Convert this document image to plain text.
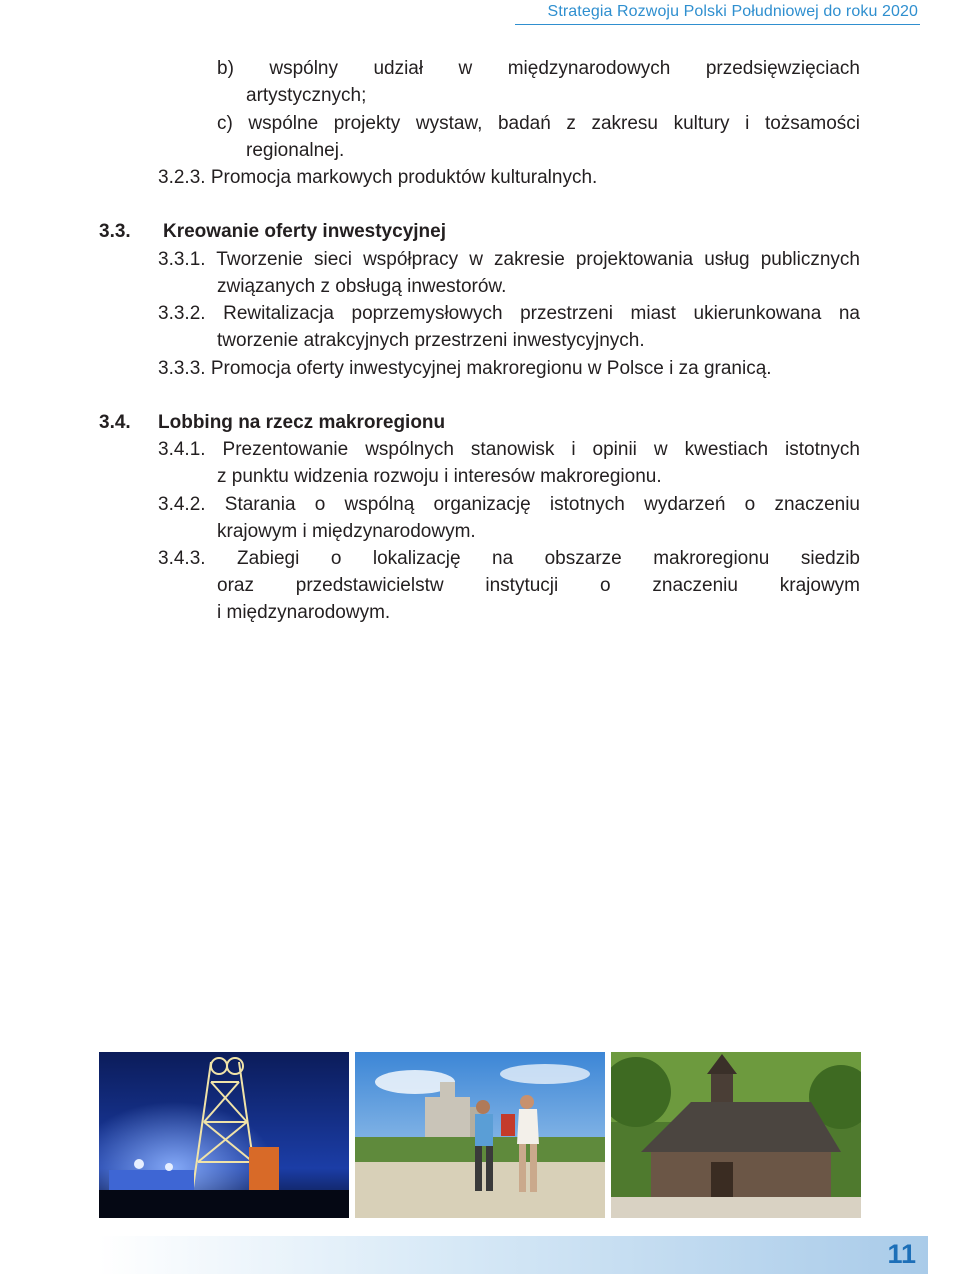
Strategia Rozwoju Polski Południowej do roku 2020
b) wspólny udział w międzynarodowych przedsięwzięciach
artystycznych;
c) wspólne projekty wystaw, badań z zakresu kultury i tożsamości
regionalnej.
3.2.3. Promocja markowych produktów kulturalnych.
3.3. Kreowanie oferty inwestycyjnej
3.3.1. Tworzenie sieci współpracy w zakresie projektowania usług publicznych
związanych z obsługą inwestorów.
3.3.2. Rewitalizacja poprzemysłowych przestrzeni miast ukierunkowana na
tworzenie atrakcyjnych przestrzeni inwestycyjnych.
3.3.3. Promocja oferty inwestycyjnej makroregionu w Polsce i za granicą.
3.4. Lobbing na rzecz makroregionu
3.4.1. Prezentowanie wspólnych stanowisk i opinii w kwestiach istotnych
z punktu widzenia rozwoju i interesów makroregionu.
3.4.2. Starania o wspólną organizację istotnych wydarzeń o znaczeniu
krajowym i międzynarodowym.
3.4.3. Zabiegi o lokalizację na obszarze makroregionu siedzib
oraz przedstawicielstw instytucji o znaczeniu krajowym
i międzynarodowym.
11
